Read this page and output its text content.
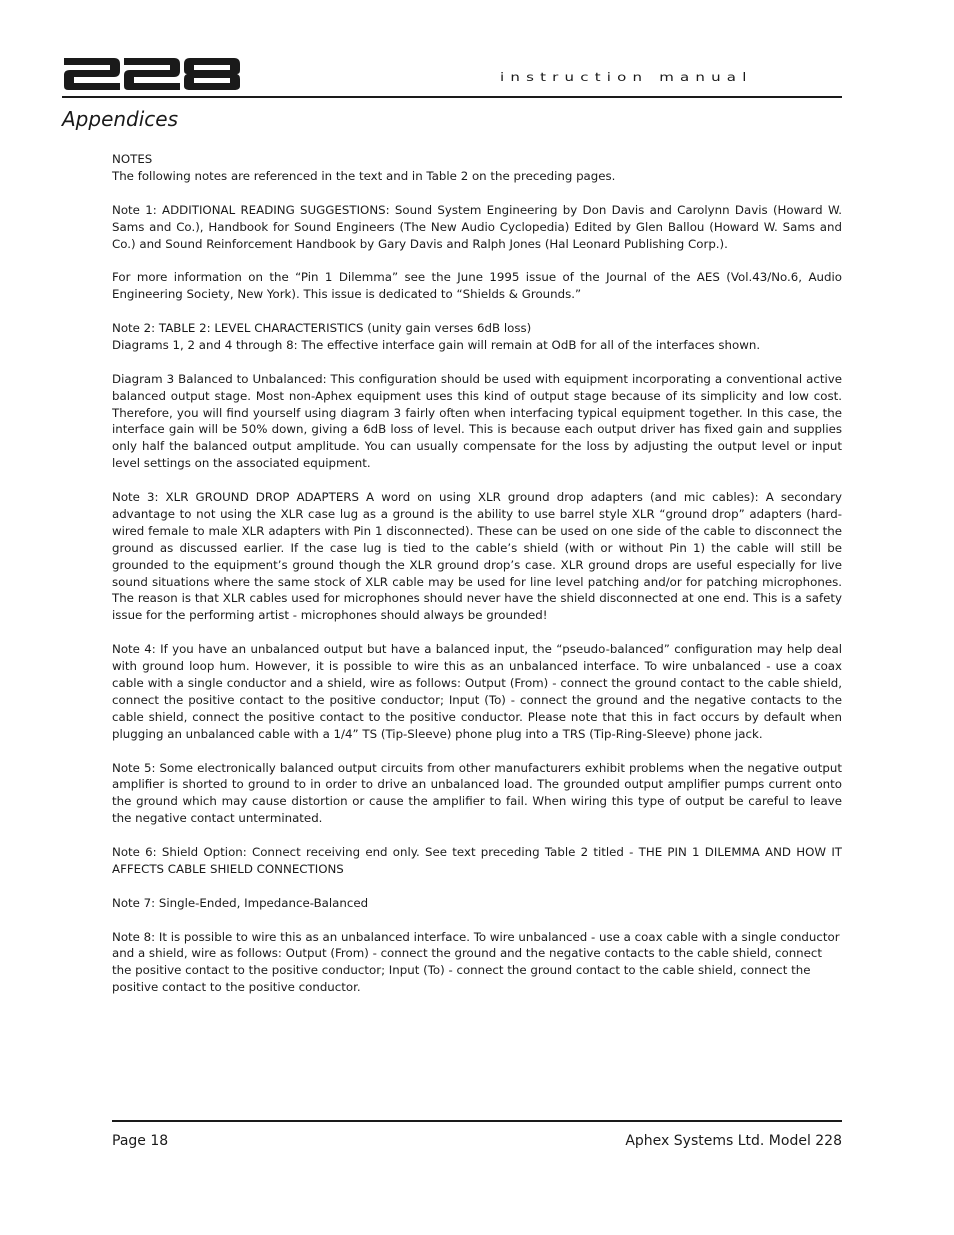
instruction manual
Appendices

NOTES

The following notes are referenced in the text and in Table 2 on the preceding pages.

Note 1: ADDITIONAL READING SUGGESTIONS: Sound System Engineering by Don Davis and Carolynn Davis (Howard W. Sams and Co.), Handbook for Sound Engineers (The New Audio Cyclopedia) Edited by Glen Ballou (Howard W. Sams and Co.) and Sound Reinforcement Handbook by Gary Davis and Ralph Jones (Hal Leonard Publishing Corp.).

For more information on the “Pin 1 Dilemma” see the June 1995 issue of the Journal of the AES (Vol.43/No.6, Audio Engineering Society, New York). This issue is dedicated to “Shields & Grounds.”

Note 2: TABLE 2: LEVEL CHARACTERISTICS (unity gain verses 6dB loss)

Diagrams 1, 2 and 4 through 8: The effective interface gain will remain at OdB for all of the interfaces shown.

Diagram 3 Balanced to Unbalanced: This configuration should be used with equipment incorporating a conventional active balanced output stage. Most non-Aphex equipment uses this kind of output stage because of its simplicity and low cost. Therefore, you will find yourself using diagram 3 fairly often when interfacing typical equipment together. In this case, the interface gain will be 50% down, giving a 6dB loss of level. This is because each output driver has fixed gain and supplies only half the balanced output amplitude. You can usually compensate for the loss by adjusting the output level or input level settings on the associated equipment.

Note 3: XLR GROUND DROP ADAPTERS A word on using XLR ground drop adapters (and mic cables): A secondary advantage to not using the XLR case lug as a ground is the ability to use barrel style XLR “ground drop” adapters (hard-wired female to male XLR adapters with Pin 1 disconnected). These can be used on one side of the cable to disconnect the ground as discussed earlier. If the case lug is tied to the cable’s shield (with or without Pin 1) the cable will still be grounded to the equipment’s ground though the XLR ground drop’s case. XLR ground drops are useful especially for live sound situations where the same stock of XLR cable may be used for line level patching and/or for patching microphones. The reason is that XLR cables used for microphones should never have the shield disconnected at one end. This is a safety issue for the performing artist - microphones should always be grounded!

Note 4: If you have an unbalanced output but have a balanced input, the “pseudo-balanced” configuration may help deal with ground loop hum. However, it is possible to wire this as an unbalanced interface. To wire unbalanced - use a coax cable with a single conductor and a shield, wire as follows: Output (From) - connect the ground contact to the cable shield, connect the positive contact to the positive conductor; Input (To) - connect the ground and the negative contacts to the cable shield, connect the positive contact to the positive conductor. Please note that this in fact occurs by default when plugging an unbalanced cable with a 1/4” TS (Tip-Sleeve) phone plug into a TRS (Tip-Ring-Sleeve) phone jack.

Note 5: Some electronically balanced output circuits from other manufacturers exhibit problems when the negative output amplifier is shorted to ground to in order to drive an unbalanced load. The grounded output amplifier pumps current onto the ground which may cause distortion or cause the amplifier to fail. When wiring this type of output be careful to leave the negative contact unterminated.

Note 6: Shield Option: Connect receiving end only. See text preceding Table 2 titled - THE PIN 1 DILEMMA AND HOW IT AFFECTS CABLE SHIELD CONNECTIONS

Note 7: Single-Ended, Impedance-Balanced

Note 8: It is possible to wire this as an unbalanced interface. To wire unbalanced - use a coax cable with a single conductor and a shield, wire as follows: Output (From) - connect the ground and the negative contacts to the cable shield, connect the positive contact to the positive conductor; Input (To) - connect the ground contact to the cable shield, connect the positive contact to the positive conductor.

Page 18	Aphex Systems Ltd. Model 228
